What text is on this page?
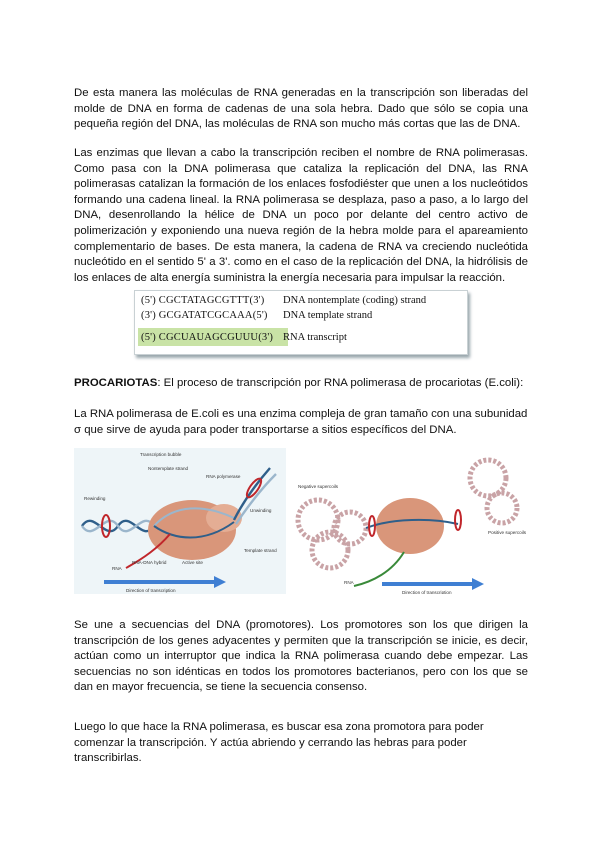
De esta manera las moléculas de RNA generadas en la transcripción son liberadas del molde de DNA en forma de cadenas de una sola hebra. Dado que sólo se copia una pequeña región del DNA, las moléculas de RNA son mucho más cortas que las de DNA.

Las enzimas que llevan a cabo la transcripción reciben el nombre de RNA polimerasas. Como pasa con la DNA polimerasa que cataliza la replicación del DNA, las RNA polimerasas catalizan la formación de los enlaces fosfodiéster que unen a los nucleótidos formando una cadena lineal. la RNA polimerasa se desplaza, paso a paso, a lo largo del DNA, desenrollando la hélice de DNA un poco por delante del centro activo de polimerización y exponiendo una nueva región de la hebra molde para el apareamiento complementario de bases. De esta manera, la cadena de RNA va creciendo nucleótida nucleótido en el sentido 5' a 3'. como en el caso de la replicación del DNA, la hidrólisis de los enlaces de alta energía suministra la energía necesaria para impulsar la reacción.

(5') CGCTATAGCGTTT(3') DNA nontemplate (coding) strand
(3') GCGATATCGCAAA(5') DNA template strand
(5') CGCUAUAGCGUUU(3') RNA transcript

PROCARIOTAS: El proceso de transcripción por RNA polimerasa de procariotas (E.coli):

La RNA polimerasa de E.coli es una enzima compleja de gran tamaño con una subunidad σ que sirve de ayuda para poder transportarse a sitios específicos del DNA.

Transcription bubble
Nontemplate strand
RNA polymerase
Rewinding
Unwinding
Template strand
RNA
RNA-DNA hybrid	Active site
Direction of transcription
Negative supercoils
Positive supercoils
RNA
Direction of transcription

Se une a secuencias del DNA (promotores). Los promotores son los que dirigen la transcripción de los genes adyacentes y permiten que la transcripción se inicie, es decir, actúan como un interruptor que indica la RNA polimerasa cuando debe empezar. Las secuencias no son idénticas en todos los promotores bacterianos, pero con los que se dan en mayor frecuencia, se tiene la secuencia consenso.

Luego lo que hace la RNA polimerasa, es buscar esa zona promotora para poder comenzar la transcripción. Y actúa abriendo y cerrando las hebras para poder transcribirlas.
